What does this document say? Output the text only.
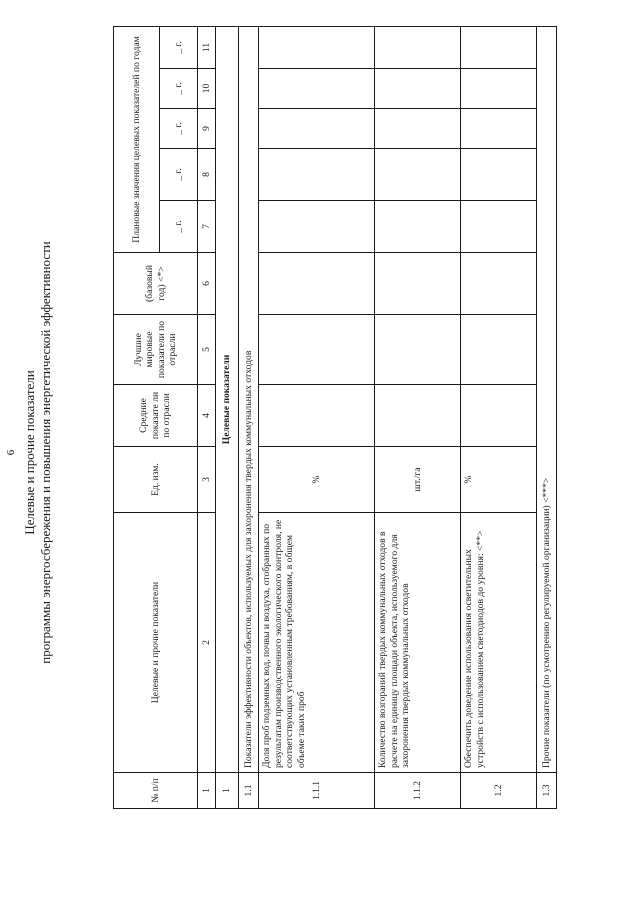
6 Целевые и прочие показатели программы энергосбережения и повышения энергетической эффективности
№ п/п	Целевые и прочие показатели	Ед. изм.	Средние показате ли по отрасли	Лучшие мировые показатели по отрасли	(базовый год) <*>	Плановые значения целевых показателей по годам				
						_ г.	_ г.	_ г.	_ г.	_ г.
1	2	3	4	5	6	7	8	9	10	11
1	Целевые показатели									
1.1	Показатели эффективности объектов, используемых для захоронения твердых коммунальных отходов									
1.1.1	Доля проб подземных вод, почвы и воздуха, отобранных по результатам производственного экологического контроля, не соответствующих установленным требованиям, в общем объеме таких проб	%								
1.1.2	Количество возгораний твердых коммунальных отходов в расчете на единицу площади объекта, используемого для захоронения твердых коммунальных отходов	шт./га								
1.2	Обеспечить доведение использования осветительных устройств с использованием светодиодов до уровня: <**>	%								
1.3	Прочие показатели (по усмотрению регулируемой организации) <***>									
